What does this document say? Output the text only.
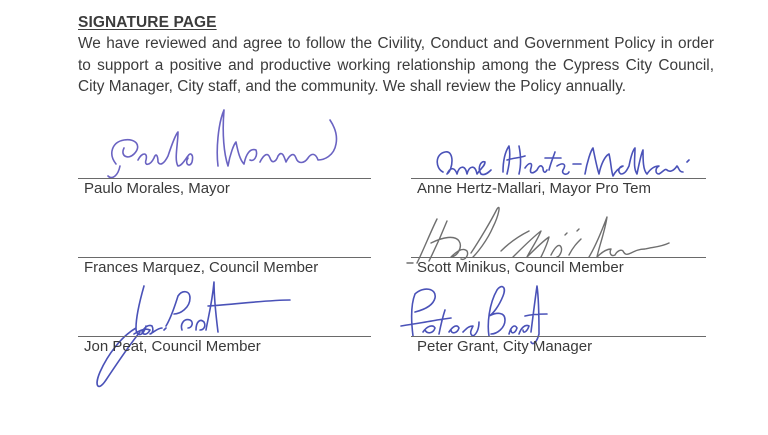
SIGNATURE PAGE
We have reviewed and agree to follow the Civility, Conduct and Government Policy in order to support a positive and productive working relationship among the Cypress City Council, City Manager, City staff, and the community. We shall review the Policy annually.
Paulo Morales, Mayor	Anne Hertz-Mallari, Mayor Pro Tem
Frances Marquez, Council Member	Scott Minikus, Council Member
Jon Peat, Council Member	Peter Grant, City Manager
